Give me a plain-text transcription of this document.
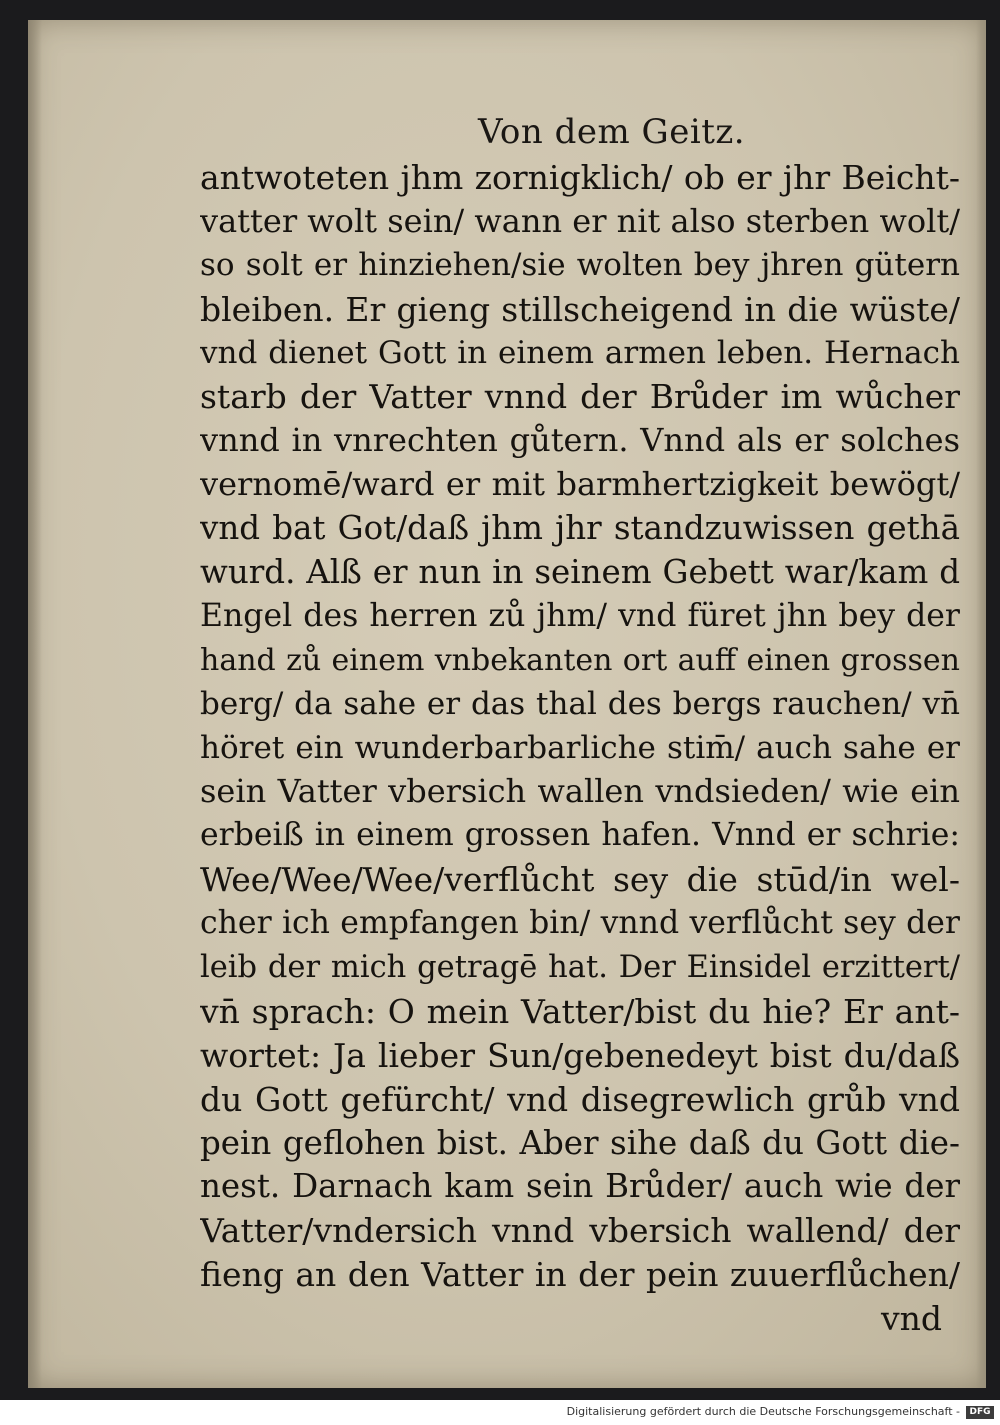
Von dem Geitz.
antwoteten jhm zornigklich/ ob er jhr Beicht-
vatter wolt sein/ wann er nit also sterben wolt/
so solt er hinziehen/sie wolten bey jhren gütern
bleiben. Er gieng stillscheigend in die wüste/
vnd dienet Gott in einem armen leben. Hernach
starb der Vatter vnnd der Brůder im wůcher
vnnd in vnrechten gůtern. Vnnd als er solches
vernomē/ward er mit barmhertzigkeit bewögt/
vnd bat Got/daß jhm jhr standzuwissen gethā
wurd. Alß er nun in seinem Gebett war/kam d
Engel des herren zů jhm/ vnd füret jhn bey der
hand zů einem vnbekanten ort auff einen grossen
berg/ da sahe er das thal des bergs rauchen/ vn̄
höret ein wunderbarbarliche stim̄/ auch sahe er
sein Vatter vbersich wallen vndsieden/ wie ein
erbeiß in einem grossen hafen. Vnnd er schrie:
Wee/Wee/Wee/verflůcht sey die stūd/in wel-
cher ich empfangen bin/ vnnd verflůcht sey der
leib der mich getragē hat. Der Einsidel erzittert/
vn̄ sprach: O mein Vatter/bist du hie? Er ant-
wortet: Ja lieber Sun/gebenedeyt bist du/daß
du Gott gefürcht/ vnd disegrewlich grůb vnd
pein geflohen bist. Aber sihe daß du Gott die-
nest. Darnach kam sein Brůder/ auch wie der
Vatter/vndersich vnnd vbersich wallend/ der
fieng an den Vatter in der pein zuuerflůchen/
vnd
Digitalisierung gefördert durch die Deutsche Forschungsgemeinschaft -	DFG
